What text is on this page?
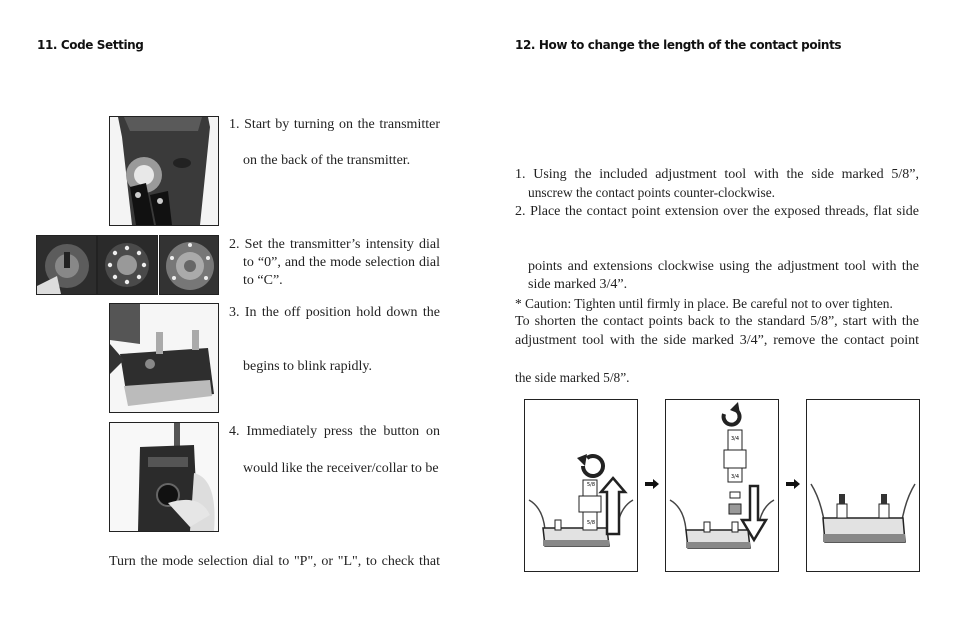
11. Code Setting
1. Start by turning on the transmitter
on the back of the transmitter.
2. Set the transmitter’s intensity dial
to “0”, and the mode selection dial
to “C”.
3. In the off position hold down the
begins to blink rapidly.
4. Immediately press the button on
would like the receiver/collar to be
Turn the mode selection dial to "P", or "L", to check that
12. How to change the length of the contact points
1. Using the included adjustment tool with the side marked 5/8”,
unscrew the contact points counter-clockwise.
2. Place the contact point extension over the exposed threads, flat side
points and extensions clockwise using the adjustment tool with the
side marked 3/4”.
* Caution: Tighten until firmly in place. Be careful not to over tighten.
To shorten the contact points back to the standard 5/8”, start with the
adjustment tool with the side marked 3/4”, remove the contact point
the side marked 5/8”.
5/8
5/8
3/4
3/4
